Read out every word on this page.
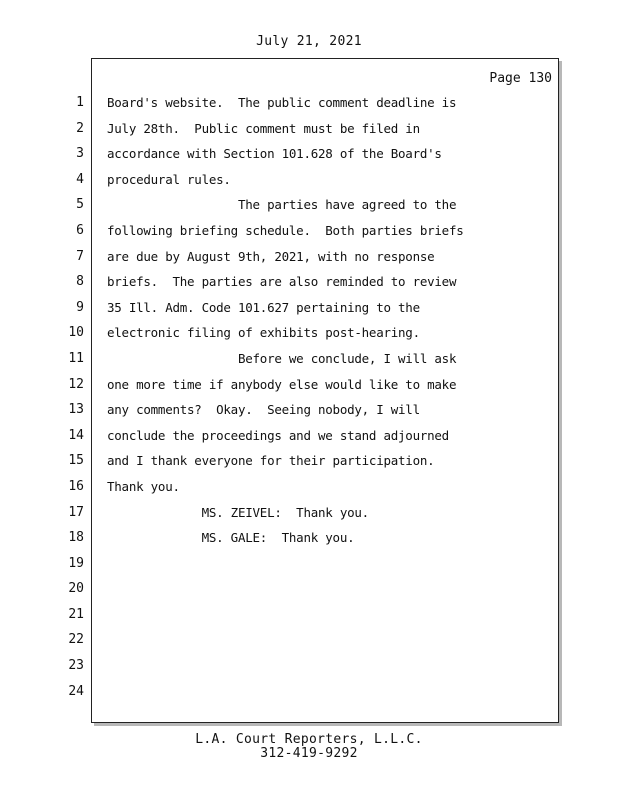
July 21, 2021
Page 130
1
2
3
4
5
6
7
8
9
10
11
12
13
14
15
16
17
18
19
20
21
22
23
24
Board's website.  The public comment deadline is
July 28th.  Public comment must be filed in
accordance with Section 101.628 of the Board's
procedural rules.
The parties have agreed to the
following briefing schedule.  Both parties briefs
are due by August 9th, 2021, with no response
briefs.  The parties are also reminded to review
35 Ill. Adm. Code 101.627 pertaining to the
electronic filing of exhibits post-hearing.
Before we conclude, I will ask
one more time if anybody else would like to make
any comments?  Okay.  Seeing nobody, I will
conclude the proceedings and we stand adjourned
and I thank everyone for their participation.
Thank you.
MS. ZEIVEL:  Thank you.
MS. GALE:  Thank you.
L.A. Court Reporters, L.L.C.
312-419-9292
